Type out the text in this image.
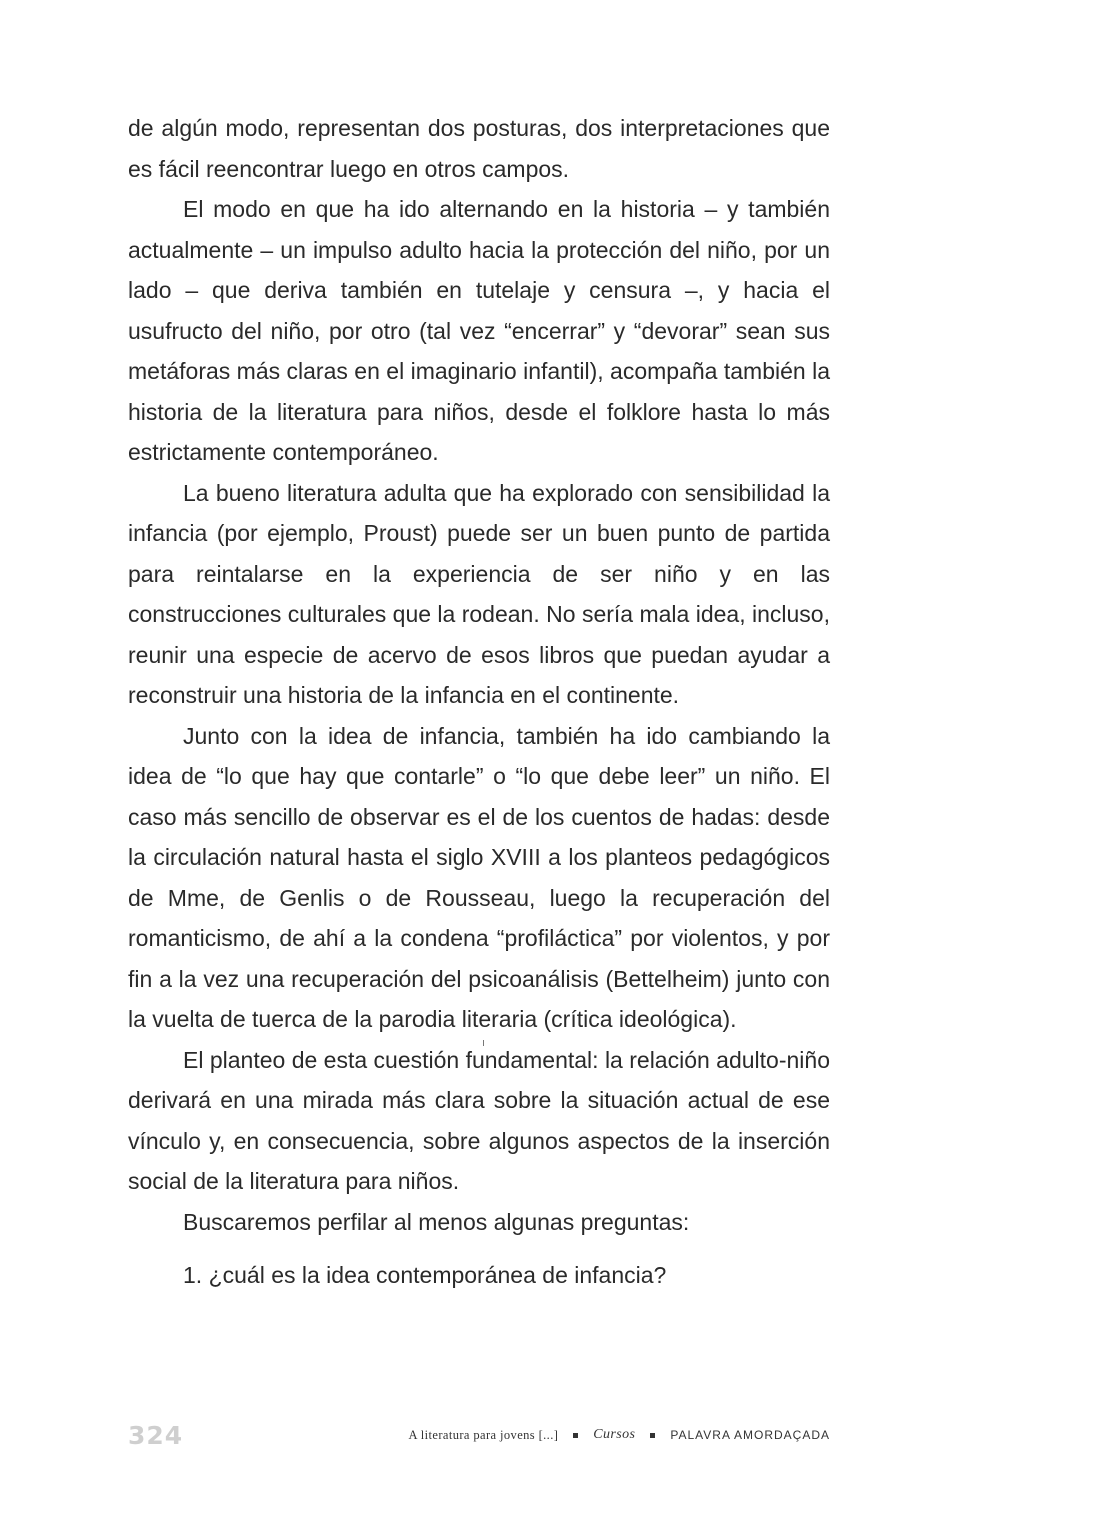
de algún modo, representan dos posturas, dos interpretaciones que es fácil reencontrar luego en otros campos.

El modo en que ha ido alternando en la historia – y también actualmente – un impulso adulto hacia la protección del niño, por un lado – que deriva también en tutelaje y censura –, y hacia el usufructo del niño, por otro (tal vez “encerrar” y “devorar” sean sus metáforas más claras en el imaginario infantil), acompaña también la historia de la literatura para niños, desde el folklore hasta lo más estrictamente contemporáneo.

La bueno literatura adulta que ha explorado con sensibilidad la infancia (por ejemplo, Proust) puede ser un buen punto de partida para reintalarse en la experiencia de ser niño y en las construcciones culturales que la rodean. No sería mala idea, incluso, reunir una especie de acervo de esos libros que puedan ayudar a reconstruir una historia de la infancia en el continente.

Junto con la idea de infancia, también ha ido cambiando la idea de “lo que hay que contarle” o “lo que debe leer” un niño. El caso más sencillo de observar es el de los cuentos de hadas: desde la circulación natural hasta el siglo XVIII a los planteos pedagógicos de Mme, de Genlis o de Rousseau, luego la recuperación del romanticismo, de ahí a la condena “profiláctica” por violentos, y por fin a la vez una recuperación del psicoanálisis (Bettelheim) junto con la vuelta de tuerca de la parodia literaria (crítica ideológica).

El planteo de esta cuestión fundamental: la relación adulto-niño derivará en una mirada más clara sobre la situación actual de ese vínculo y, en consecuencia, sobre algunos aspectos de la inserción social de la literatura para niños.

Buscaremos perfilar al menos algunas preguntas:

1. ¿cuál es la idea contemporánea de infancia?

324	A literatura para jovens [...]	Cursos	PALAVRA AMORDAÇADA
